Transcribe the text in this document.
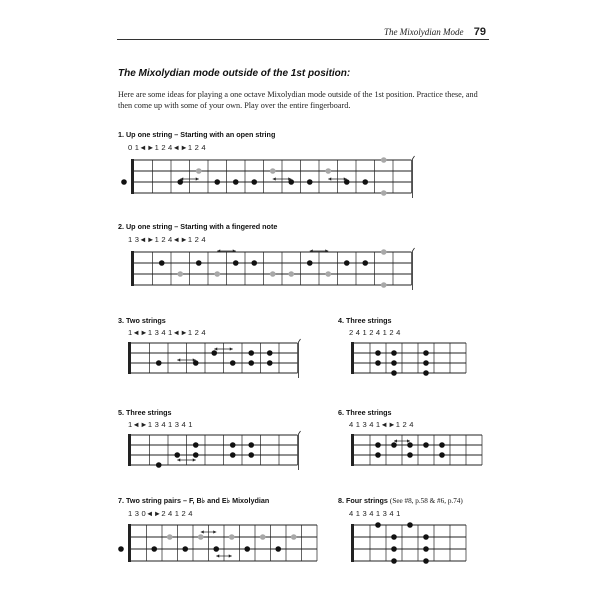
The Mixolydian Mode 79
The Mixolydian mode outside of the 1st position:
Here are some ideas for playing a one octave Mixolydian mode outside of the 1st position. Practice these, and then come up with some of your own. Play over the entire fingerboard.
1. Up one string – Starting with an open string
0 1◄►1 2 4◄►1 2 4
2. Up one string – Starting with a fingered note
1 3◄►1 2 4◄►1 2 4
3. Two strings
1◄►1 3 4 1◄►1 2 4
4. Three strings
2 4 1 2 4 1 2 4
5. Three strings
1◄►1 3 4 1 3 4 1
6. Three strings
4 1 3 4 1◄►1 2 4
7. Two string pairs – F, B♭ and E♭ Mixolydian
1 3 0◄►2 4 1 2 4
8. Four strings (See #8, p.58 & #6, p.74)
4 1 3 4 1 3 4 1
